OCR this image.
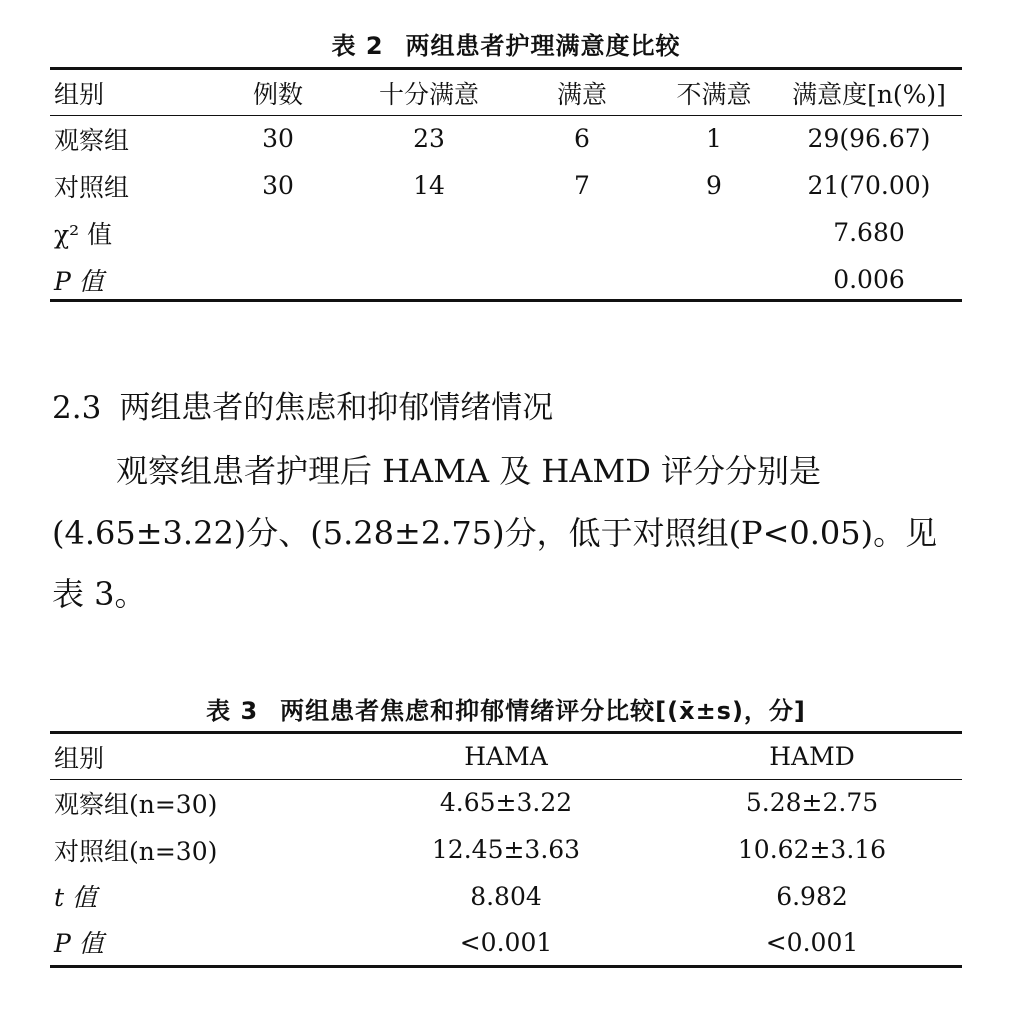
表 2 两组患者护理满意度比较
组别	例数	十分满意	满意	不满意	满意度[n(%)]
观察组	30	23	6	1	29(96.67)
对照组	30	14	7	9	21(70.00)
χ² 值					7.680
P 值					0.006
2.3 两组患者的焦虑和抑郁情绪情况
　　观察组患者护理后 HAMA 及 HAMD 评分分别是
(4.65±3.22)分、(5.28±2.75)分，低于对照组(P<0.05)。见
表 3。
表 3 两组患者焦虑和抑郁情绪评分比较[(x̄±s)，分]
组别	HAMA	HAMD
观察组(n=30)	4.65±3.22	5.28±2.75
对照组(n=30)	12.45±3.63	10.62±3.16
t 值	8.804	6.982
P 值	<0.001	<0.001
